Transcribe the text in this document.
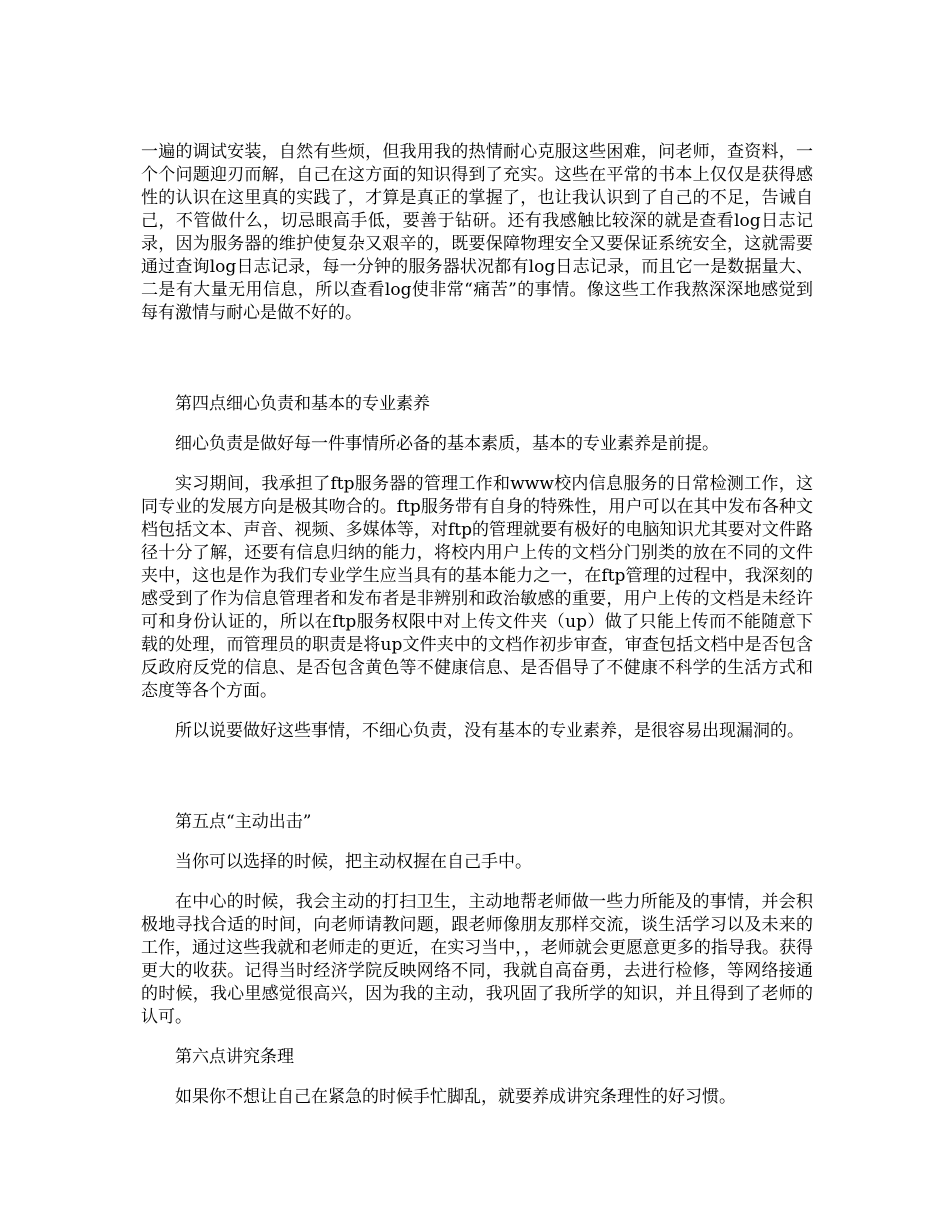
一遍的调试安装，自然有些烦，但我用我的热情耐心克服这些困难，问老师，查资料，一个个问题迎刃而解，自己在这方面的知识得到了充实。这些在平常的书本上仅仅是获得感性的认识在这里真的实践了，才算是真正的掌握了，也让我认识到了自己的不足，告诫自己，不管做什么，切忌眼高手低，要善于钻研。还有我感触比较深的就是查看log日志记录，因为服务器的维护使复杂又艰辛的，既要保障物理安全又要保证系统安全，这就需要通过查询log日志记录，每一分钟的服务器状况都有log日志记录，而且它一是数据量大、二是有大量无用信息，所以查看log使非常“痛苦”的事情。像这些工作我熬深深地感觉到每有激情与耐心是做不好的。

第四点细心负责和基本的专业素养

细心负责是做好每一件事情所必备的基本素质，基本的专业素养是前提。

实习期间，我承担了ftp服务器的管理工作和www校内信息服务的日常检测工作，这同专业的发展方向是极其吻合的。ftp服务带有自身的特殊性，用户可以在其中发布各种文档包括文本、声音、视频、多媒体等，对ftp的管理就要有极好的电脑知识尤其要对文件路径十分了解，还要有信息归纳的能力，将校内用户上传的文档分门别类的放在不同的文件夹中，这也是作为我们专业学生应当具有的基本能力之一，在ftp管理的过程中，我深刻的感受到了作为信息管理者和发布者是非辨别和政治敏感的重要，用户上传的文档是未经许可和身份认证的，所以在ftp服务权限中对上传文件夹（up）做了只能上传而不能随意下载的处理，而管理员的职责是将up文件夹中的文档作初步审查，审查包括文档中是否包含反政府反党的信息、是否包含黄色等不健康信息、是否倡导了不健康不科学的生活方式和态度等各个方面。

所以说要做好这些事情，不细心负责，没有基本的专业素养，是很容易出现漏洞的。

第五点“主动出击”

当你可以选择的时候，把主动权握在自己手中。

在中心的时候，我会主动的打扫卫生，主动地帮老师做一些力所能及的事情，并会积极地寻找合适的时间，向老师请教问题，跟老师像朋友那样交流，谈生活学习以及未来的工作，通过这些我就和老师走的更近，在实习当中，，老师就会更愿意更多的指导我。获得更大的收获。记得当时经济学院反映网络不同，我就自高奋勇，去进行检修，等网络接通的时候，我心里感觉很高兴，因为我的主动，我巩固了我所学的知识，并且得到了老师的认可。

第六点讲究条理

如果你不想让自己在紧急的时候手忙脚乱，就要养成讲究条理性的好习惯。
